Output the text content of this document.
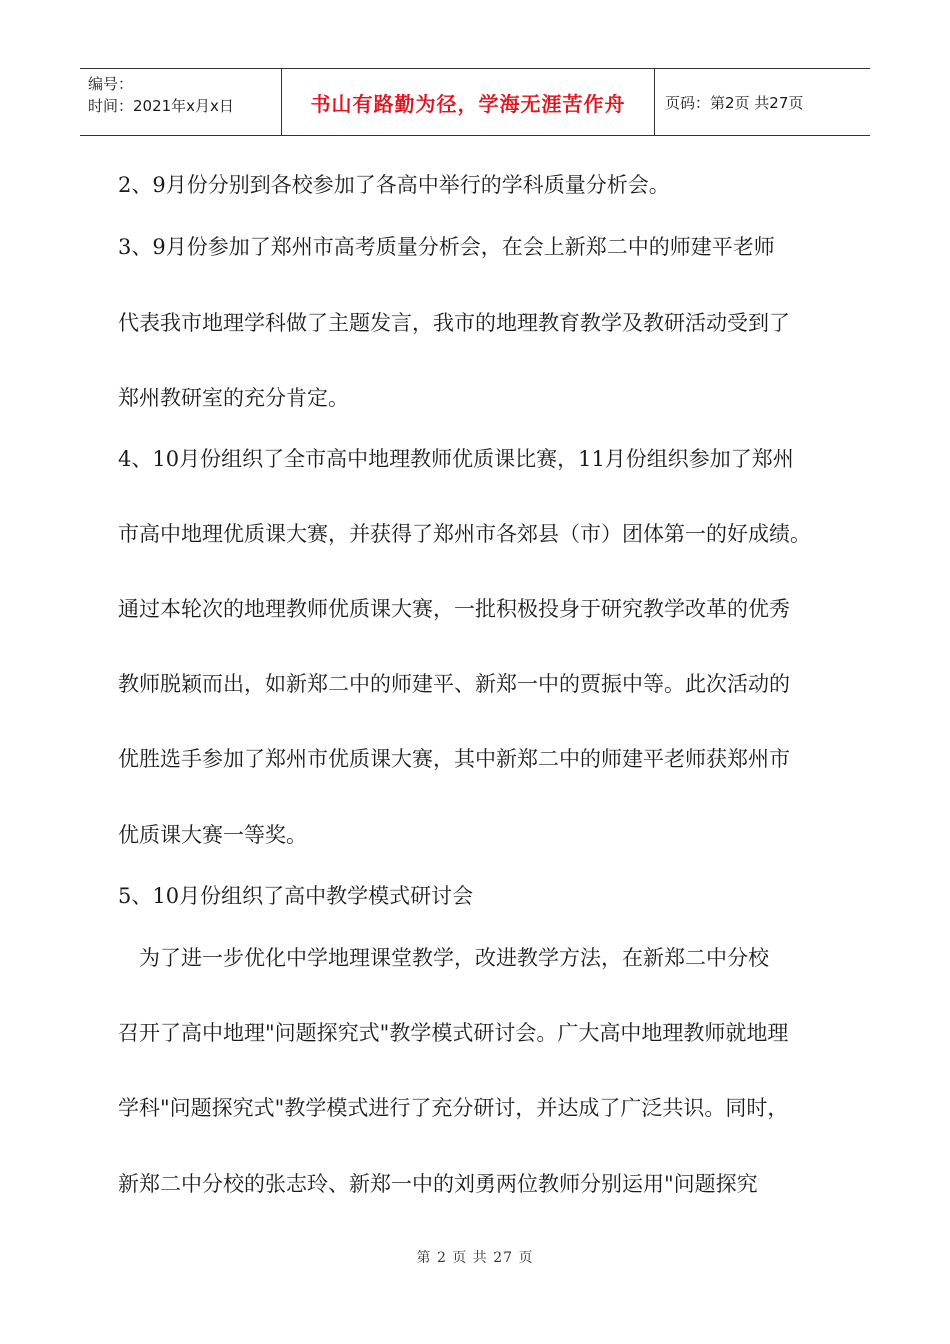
编号：
时间：2021年x月x日	书山有路勤为径，学海无涯苦作舟	页码：第2页 共27页
2、9月份分别到各校参加了各高中举行的学科质量分析会。
3、9月份参加了郑州市高考质量分析会，在会上新郑二中的师建平老师
代表我市地理学科做了主题发言，我市的地理教育教学及教研活动受到了
郑州教研室的充分肯定。
4、10月份组织了全市高中地理教师优质课比赛，11月份组织参加了郑州
市高中地理优质课大赛，并获得了郑州市各郊县（市）团体第一的好成绩。
通过本轮次的地理教师优质课大赛，一批积极投身于研究教学改革的优秀
教师脱颖而出，如新郑二中的师建平、新郑一中的贾振中等。此次活动的
优胜选手参加了郑州市优质课大赛，其中新郑二中的师建平老师获郑州市
优质课大赛一等奖。
5、10月份组织了高中教学模式研讨会
　为了进一步优化中学地理课堂教学，改进教学方法，在新郑二中分校
召开了高中地理"问题探究式"教学模式研讨会。广大高中地理教师就地理
学科"问题探究式"教学模式进行了充分研讨，并达成了广泛共识。同时，
新郑二中分校的张志玲、新郑一中的刘勇两位教师分别运用"问题探究
第 2 页 共 27 页
